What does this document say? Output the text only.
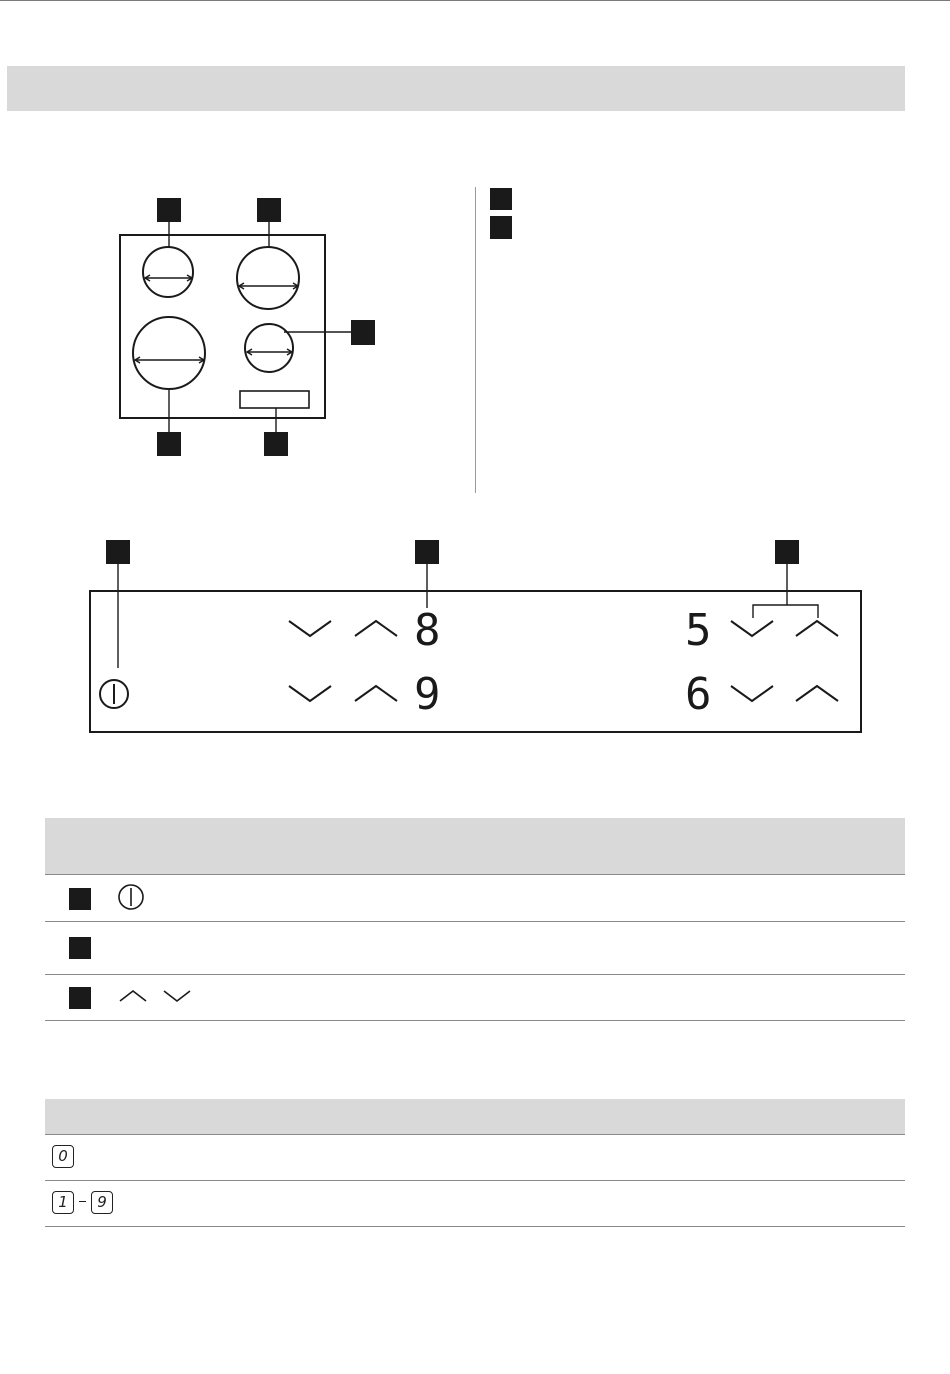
8
9
5
6
0
1	9
